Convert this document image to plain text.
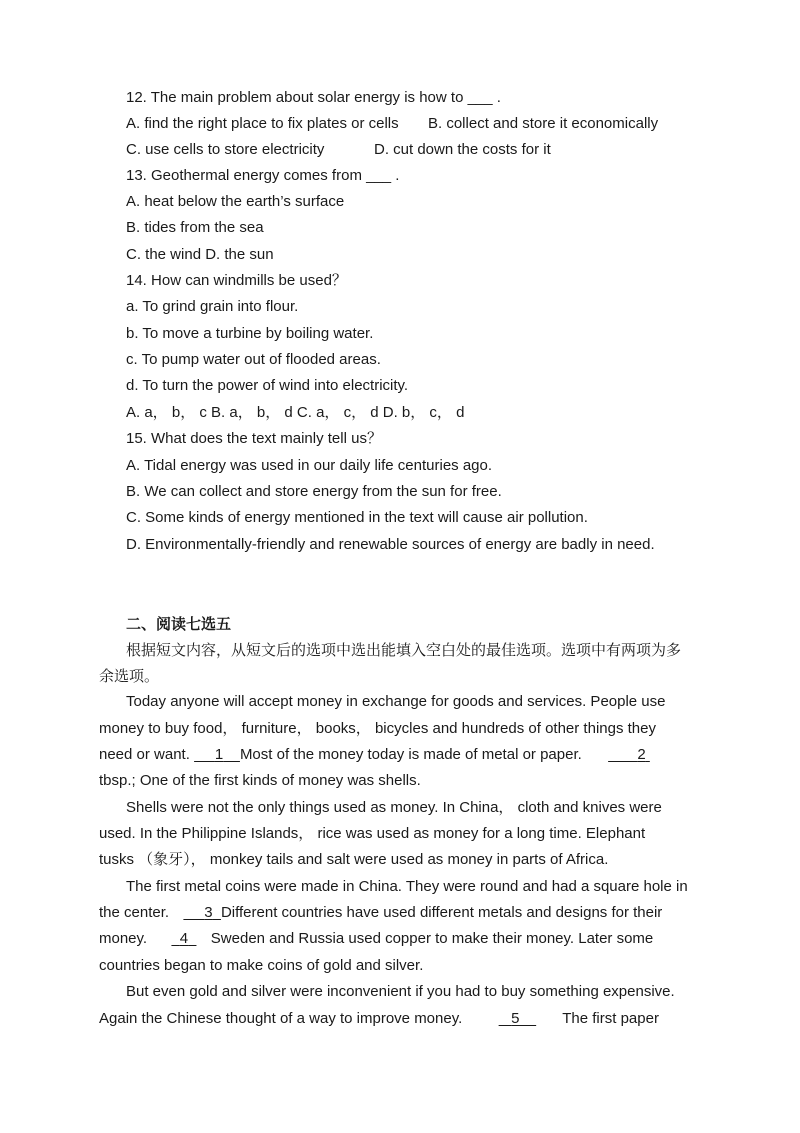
12. The main problem about solar energy is how to ___ .
A. find the right place to fix plates or cells B. collect and store it economically
C. use cells to store electricity	D. cut down the costs for it
13. Geothermal energy comes from ___ .
A. heat below the earth’s surface
B. tides from the sea
C. the wind D. the sun
14. How can windmills be used？
a. To grind grain into flour.
b. To move a turbine by boiling water.
c. To pump water out of flooded areas.
d. To turn the power of wind into electricity.
A. a， b， c B. a， b， d C. a， c， d D. b， c， d
15. What does the text mainly tell us？
A. Tidal energy was used in our daily life centuries ago.
B. We can collect and store energy from the sun for free.
C. Some kinds of energy mentioned in the text will cause air pollution.
D. Environmentally-friendly and renewable sources of energy are badly in need.
二、阅读七选五
根据短文内容，从短文后的选项中选出能填入空白处的最佳选项。选项中有两项为多
余选项。
Today anyone will accept money in exchange for goods and services. People use
money to buy food， furniture， books， bicycles and hundreds of other things they
need or want. 1 Most of the money today is made of metal or paper.	2
tbsp.; One of the first kinds of money was shells.
Shells were not the only things used as money. In China， cloth and knives were
used. In the Philippine Islands， rice was used as money for a long time. Elephant
tusks （象牙）， monkey tails and salt were used as money in parts of Africa.
The first metal coins were made in China. They were round and had a square hole in
the center. 3 Different countries have used different metals and designs for their
money. 4 Sweden and Russia used copper to make their money. Later some
countries began to make coins of gold and silver.
But even gold and silver were inconvenient if you had to buy something expensive.
Again the Chinese thought of a way to improve money.	5	The first paper
